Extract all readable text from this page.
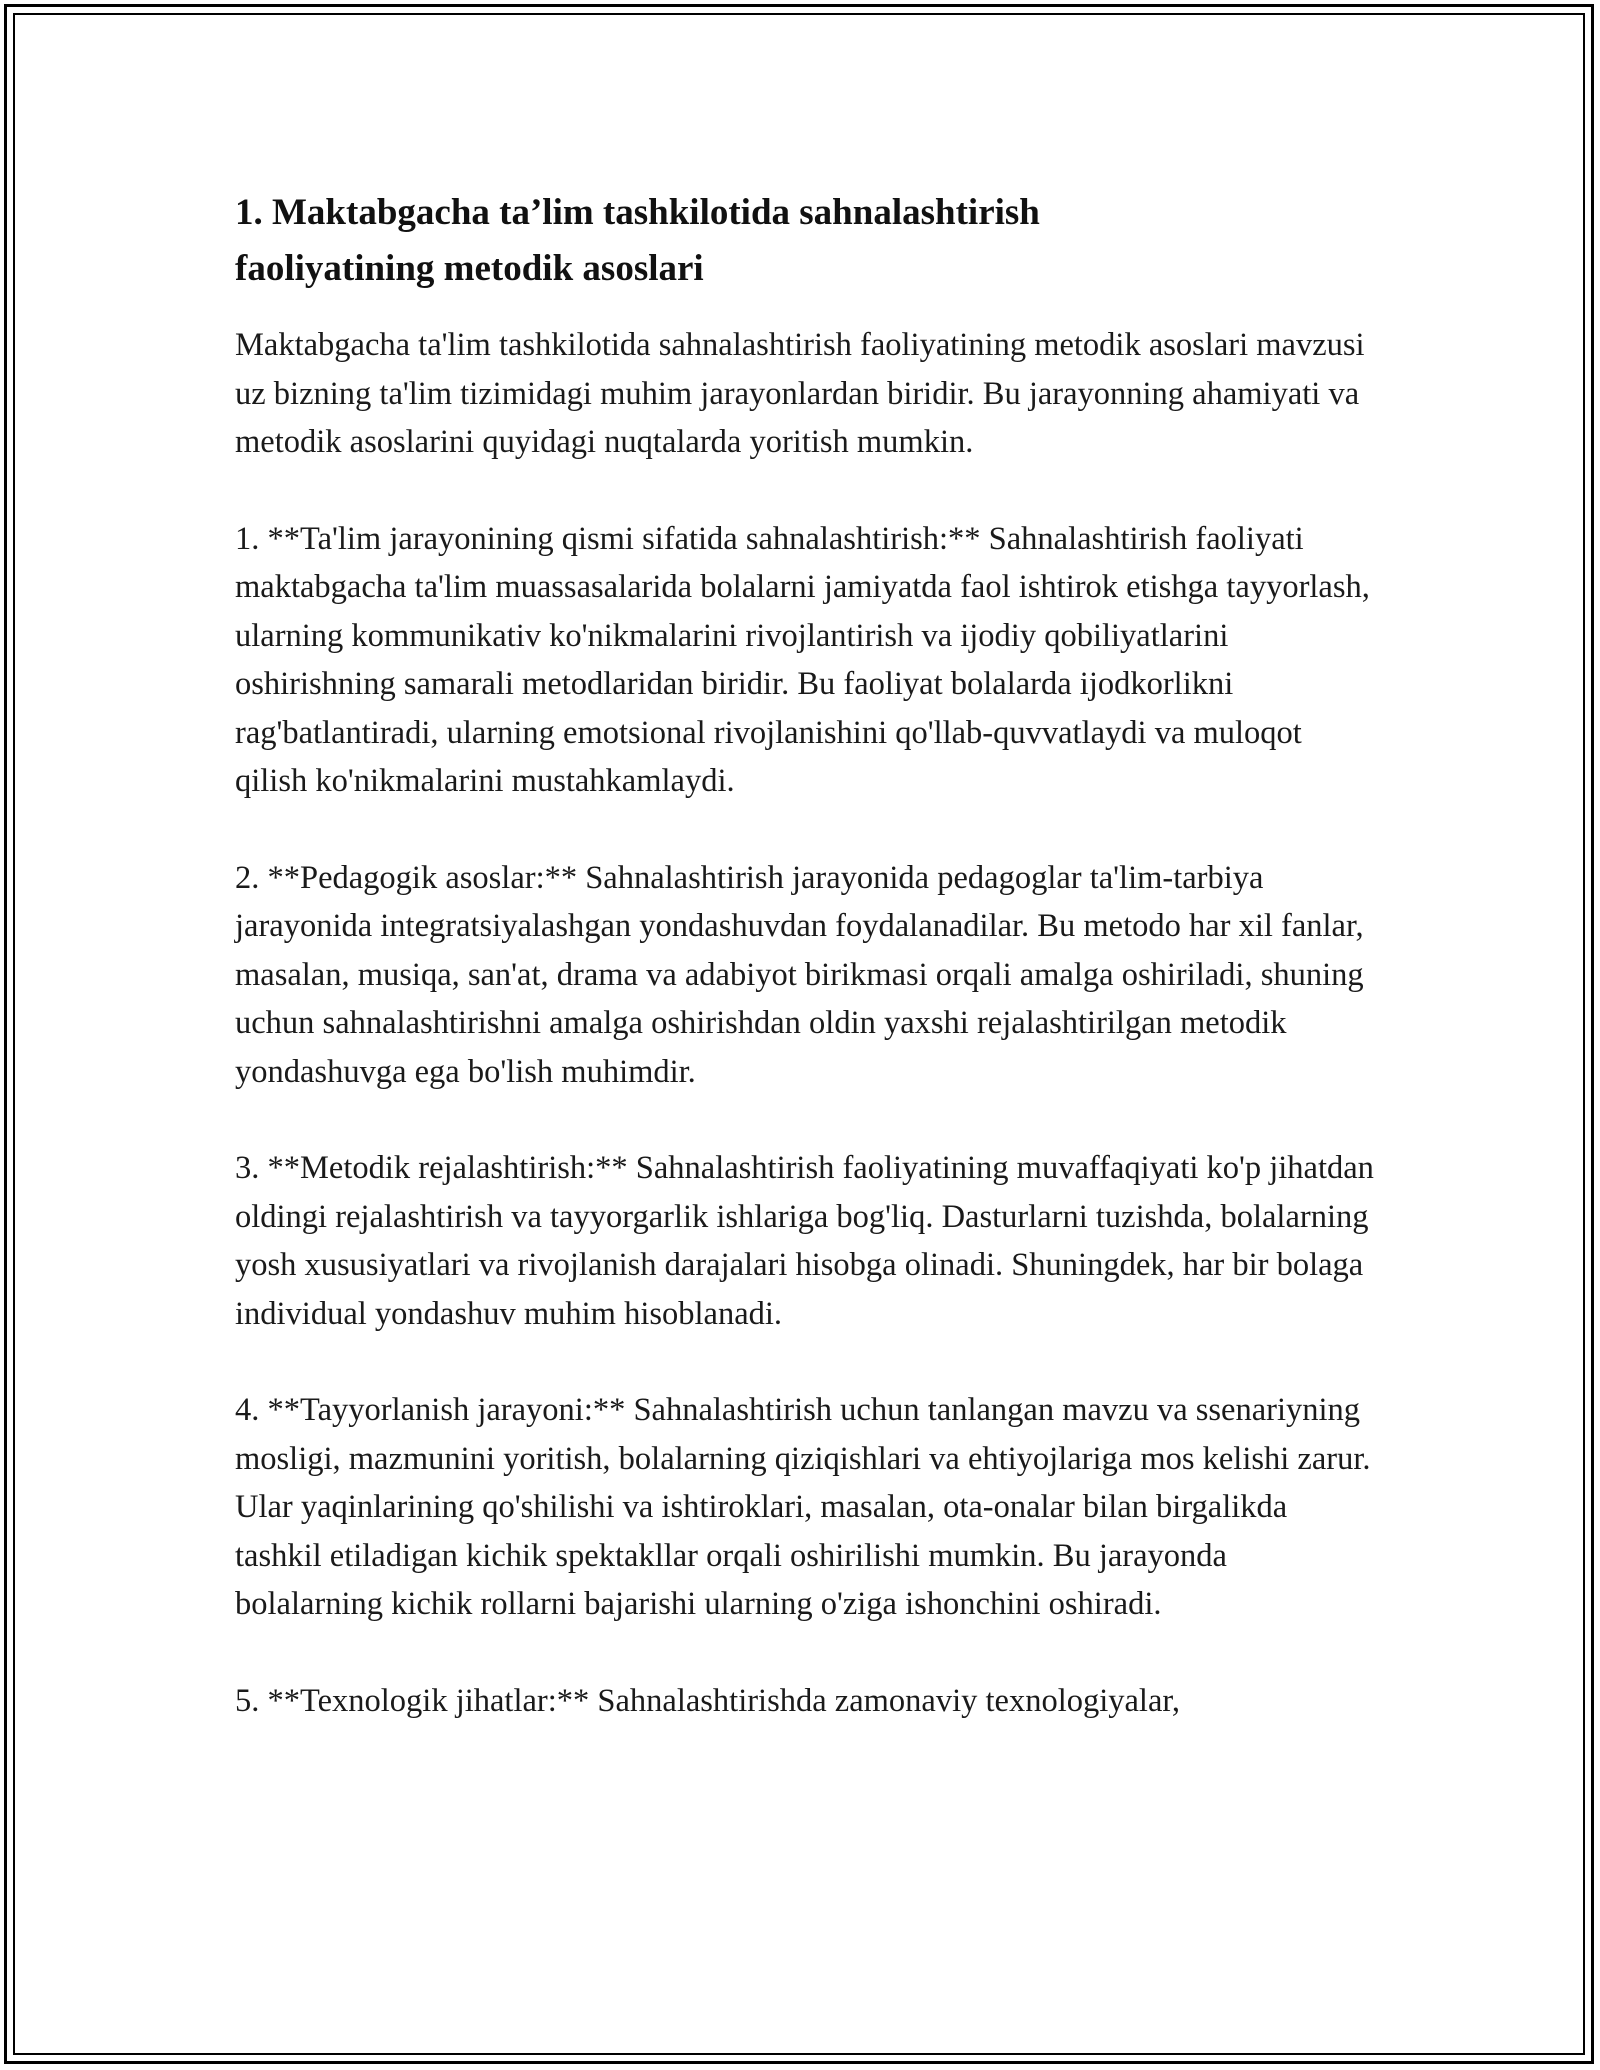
1. Maktabgacha ta’lim tashkilotida sahnalashtirish
faoliyatining metodik asoslari

Maktabgacha ta'lim tashkilotida sahnalashtirish faoliyatining metodik asoslari mavzusi uz bizning ta'lim tizimidagi muhim jarayonlardan biridir. Bu jarayonning ahamiyati va metodik asoslarini quyidagi nuqtalarda yoritish mumkin.

1. **Ta'lim jarayonining qismi sifatida sahnalashtirish:** Sahnalashtirish faoliyati maktabgacha ta'lim muassasalarida bolalarni jamiyatda faol ishtirok etishga tayyorlash, ularning kommunikativ ko'nikmalarini rivojlantirish va ijodiy qobiliyatlarini oshirishning samarali metodlaridan biridir. Bu faoliyat bolalarda ijodkorlikni rag'batlantiradi, ularning emotsional rivojlanishini qo'llab-quvvatlaydi va muloqot qilish ko'nikmalarini mustahkamlaydi.

2. **Pedagogik asoslar:** Sahnalashtirish jarayonida pedagoglar ta'lim-tarbiya jarayonida integratsiyalashgan yondashuvdan foydalanadilar. Bu metodo har xil fanlar, masalan, musiqa, san'at, drama va adabiyot birikmasi orqali amalga oshiriladi, shuning uchun sahnalashtirishni amalga oshirishdan oldin yaxshi rejalashtirilgan metodik yondashuvga ega bo'lish muhimdir.

3. **Metodik rejalashtirish:** Sahnalashtirish faoliyatining muvaffaqiyati ko'p jihatdan oldingi rejalashtirish va tayyorgarlik ishlariga bog'liq. Dasturlarni tuzishda, bolalarning yosh xususiyatlari va rivojlanish darajalari hisobga olinadi. Shuningdek, har bir bolaga individual yondashuv muhim hisoblanadi.

4. **Tayyorlanish jarayoni:** Sahnalashtirish uchun tanlangan mavzu va ssenariyning mosligi, mazmunini yoritish, bolalarning qiziqishlari va ehtiyojlariga mos kelishi zarur. Ular yaqinlarining qo'shilishi va ishtiroklari, masalan, ota-onalar bilan birgalikda tashkil etiladigan kichik spektakllar orqali oshirilishi mumkin. Bu jarayonda bolalarning kichik rollarni bajarishi ularning o'ziga ishonchini oshiradi.

5. **Texnologik jihatlar:** Sahnalashtirishda zamonaviy texnologiyalar,
